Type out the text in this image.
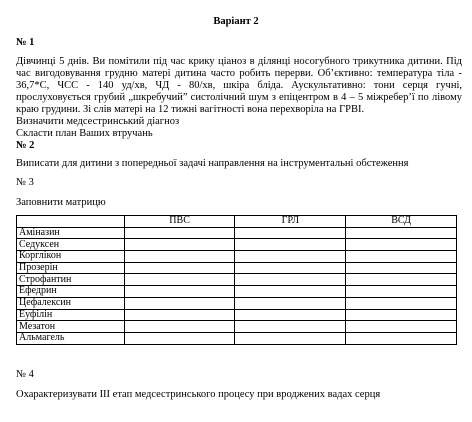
Варіант 2
№ 1
Дівчинці 5 днів. Ви помітили під час крику ціаноз в ділянці носогубного трикутника дитини. Під час вигодовування грудню матері дитина часто робить перерви. Об’єктивно: температура тіла - 36,7*С, ЧСС - 140 уд/хв, ЧД - 80/хв, шкіра бліда. Аускультативно: тони серця гучні, прослуховується грубий „шкребучий” систолічний шум з епіцентром в 4 – 5 міжребер’ї по лівому краю грудини. Зі слів матері на 12 тижні вагітності вона перехворіла на ГРВІ.
Визначити медсестринський діагноз
Скласти план Ваших втручань
№ 2
Виписати для дитини з попередньої задачі направлення на інструментальні обстеження
№ 3
Заповнити матрицю
	ПВС	ГРЛ	ВСД
Аміназин			
Седуксен			
Корглікон			
Прозерін			
Строфантин			
Ефедрин			
Цефалексин			
Еуфілін			
Мезатон			
Альмагель			
№ 4
Охарактеризувати ІІІ етап медсестринського процесу при вроджених вадах серця
